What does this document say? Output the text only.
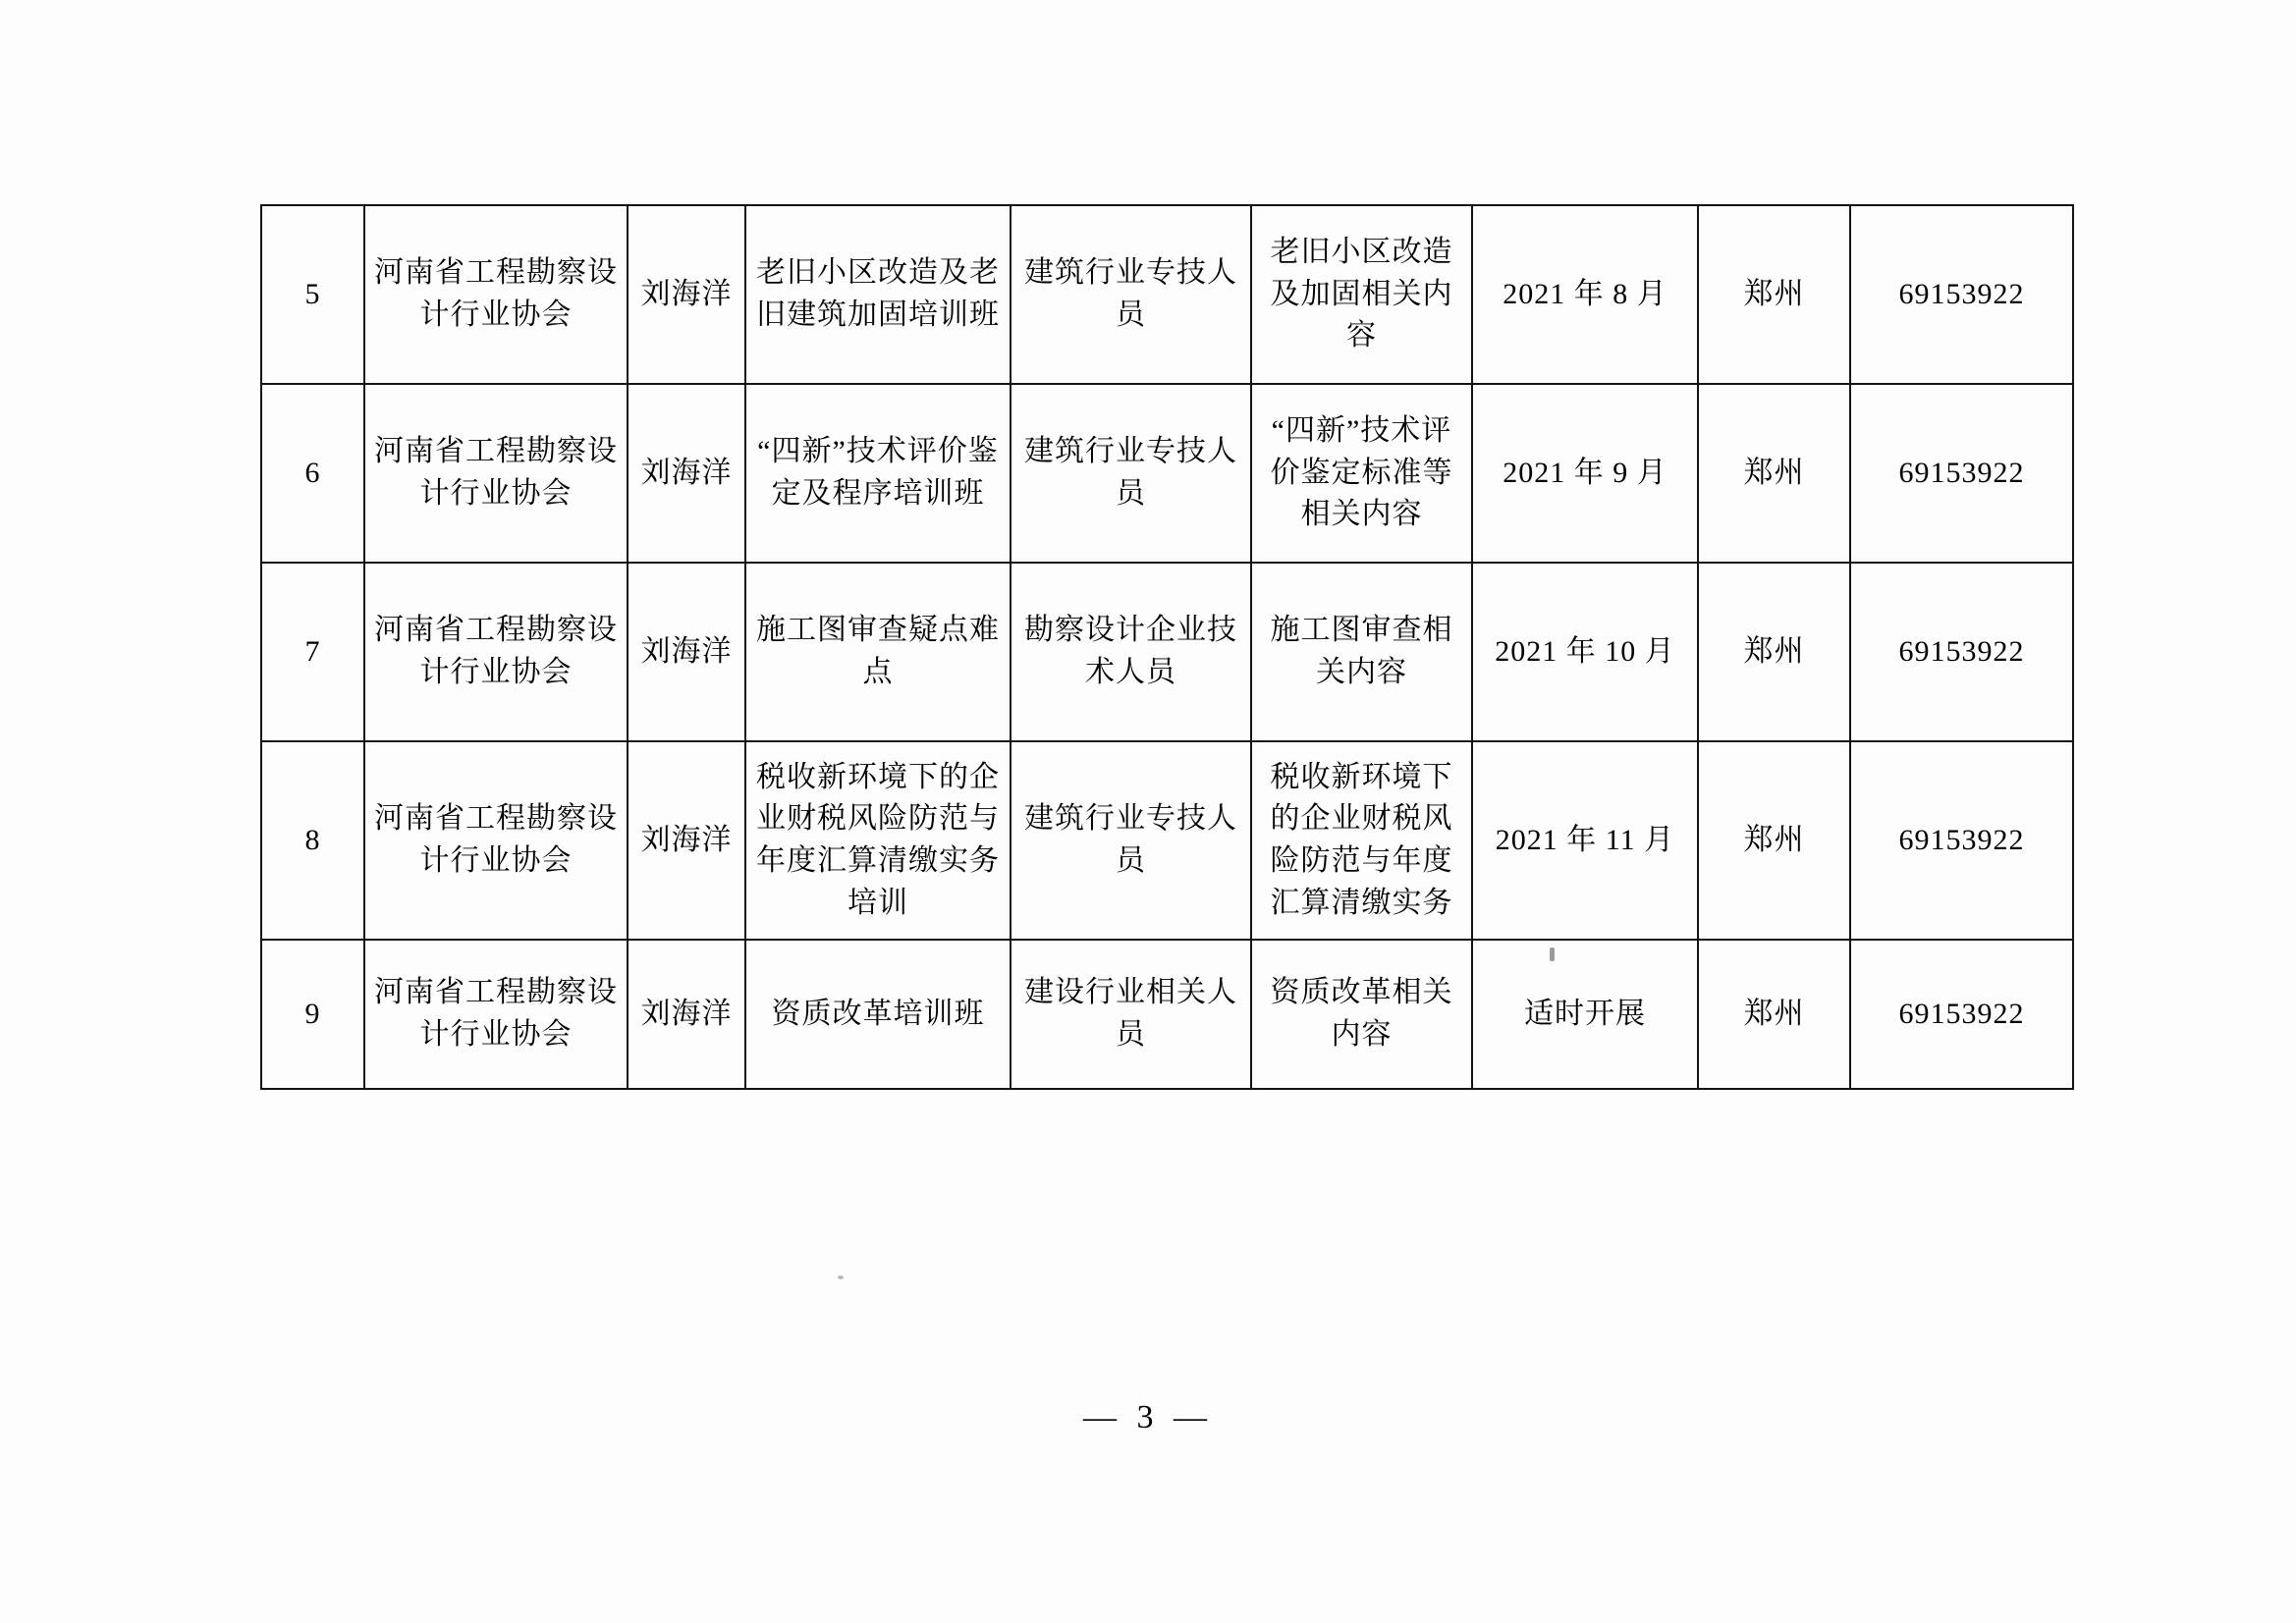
5	河南省工程勘察设计行业协会	刘海洋	老旧小区改造及老旧建筑加固培训班	建筑行业专技人员	老旧小区改造及加固相关内容	2021 年 8 月	郑州	69153922

6	河南省工程勘察设计行业协会	刘海洋	“四新”技术评价鉴定及程序培训班	建筑行业专技人员	“四新”技术评价鉴定标准等相关内容	2021 年 9 月	郑州	69153922

7	河南省工程勘察设计行业协会	刘海洋	施工图审查疑点难点	勘察设计企业技术人员	施工图审查相关内容	2021 年 10 月	郑州	69153922

8	河南省工程勘察设计行业协会	刘海洋	税收新环境下的企业财税风险防范与年度汇算清缴实务培训	建筑行业专技人员	税收新环境下的企业财税风险防范与年度汇算清缴实务	2021 年 11 月	郑州	69153922

9	河南省工程勘察设计行业协会	刘海洋	资质改革培训班	建设行业相关人员	资质改革相关内容	适时开展	郑州	69153922
— 3 —
